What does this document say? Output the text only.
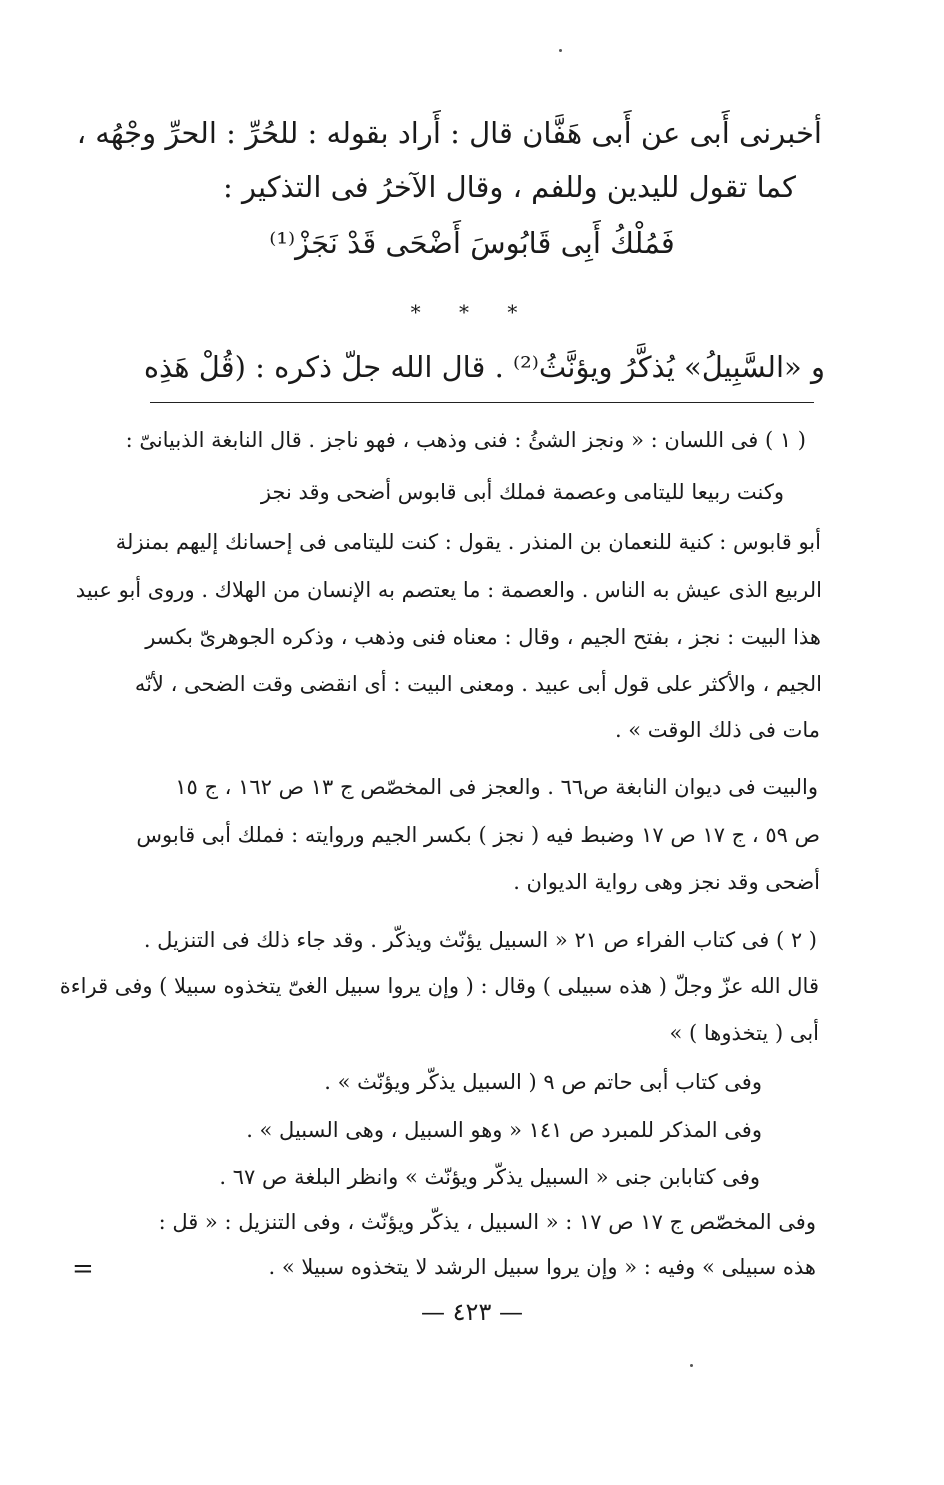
أخبرنى أَبى عن أَبى هَفَّان قال : أَراد بقوله : للحُرِّ : الحرِّ وجْهُه ،

كما تقول لليدين وللفم ، وقال الآخرُ فى التذكير :

فَمُلْكُ أَبِى قَابُوسَ أَضْحَى قَدْ نَجَزْ⁽¹⁾

* * *

و «السَّبِيلُ» يُذكَّرُ ويؤنَّثُ⁽²⁾ . قال الله جلّ ذكره : (قُلْ هَذِه

( ١ ) فى اللسان : « ونجز الشئُ : فنى وذهب ، فهو ناجز . قال النابغة الذبيانىّ :

وكنت ربيعا لليتامى وعصمة فملك أبى قابوس أضحى وقد نجز

أبو قابوس : كنية للنعمان بن المنذر . يقول : كنت لليتامى فى إحسانك إليهم بمنزلة

الربيع الذى عيش به الناس . والعصمة : ما يعتصم به الإنسان من الهلاك . وروى أبو عبيد

هذا البيت : نجز ، بفتح الجيم ، وقال : معناه فنى وذهب ، وذكره الجوهرىّ بكسر

الجيم ، والأكثر على قول أبى عبيد . ومعنى البيت : أى انقضى وقت الضحى ، لأنّه

مات فى ذلك الوقت » .

والبيت فى ديوان النابغة ص٦٦ . والعجز فى المخصّص ج ١٣ ص ١٦٢ ، ج ١٥

ص ٥٩ ، ج ١٧ ص ١٧ وضبط فيه ( نجز ) بكسر الجيم وروايته : فملك أبى قابوس

أضحى وقد نجز وهى رواية الديوان .

( ٢ ) فى كتاب الفراء ص ٢١ « السبيل يؤنّث ويذكّر . وقد جاء ذلك فى التنزيل .

قال الله عزّ وجلّ ( هذه سبيلى ) وقال : ( وإن يروا سبيل الغىّ يتخذوه سبيلا ) وفى قراءة

أبى ( يتخذوها ) »

وفى كتاب أبى حاتم ص ٩ ( السبيل يذكّر ويؤنّث » .

وفى المذكر للمبرد ص ١٤١ « وهو السبيل ، وهى السبيل » .

وفى كتابابن جنى « السبيل يذكّر ويؤنّث » وانظر البلغة ص ٦٧ .

وفى المخصّص ج ١٧ ص ١٧ : « السبيل ، يذكّر ويؤنّث ، وفى التنزيل : « قل :

هذه سبيلى » وفيه : « وإن يروا سبيل الرشد لا يتخذوه سبيلا » .

=
— ٤٢٣ —
